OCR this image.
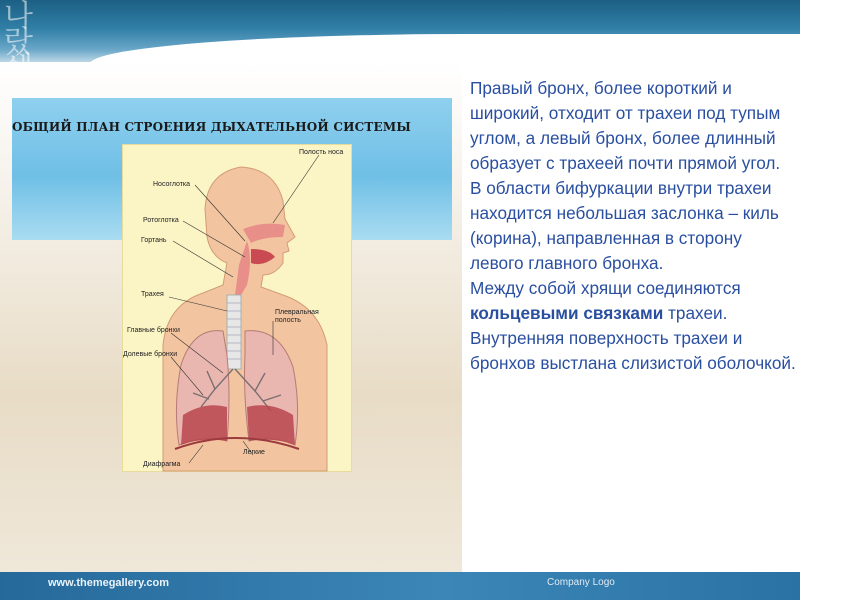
나
랐
ОБЩИЙ ПЛАН СТРОЕНИЯ ДЫХАТЕЛЬНОЙ СИСТЕМЫ
Полость носа
Носоглотка
Ротоглотка
Гортань
Трахея
Плевральная
полость
Главные бронхи
Долевые бронхи
Легкие
Диафрагма

Правый бронх, более короткий и широкий, отходит от трахеи под тупым углом, а левый бронх, более длинный образует с трахеей почти прямой угол.

В области бифуркации внутри трахеи находится небольшая заслонка – киль (корина), направленная в сторону левого главного бронха.

Между собой хрящи соединяются кольцевыми связками трахеи.

Внутренняя поверхность трахеи и бронхов выстлана слизистой оболочкой.

www.themegallery.com	Company Logo
